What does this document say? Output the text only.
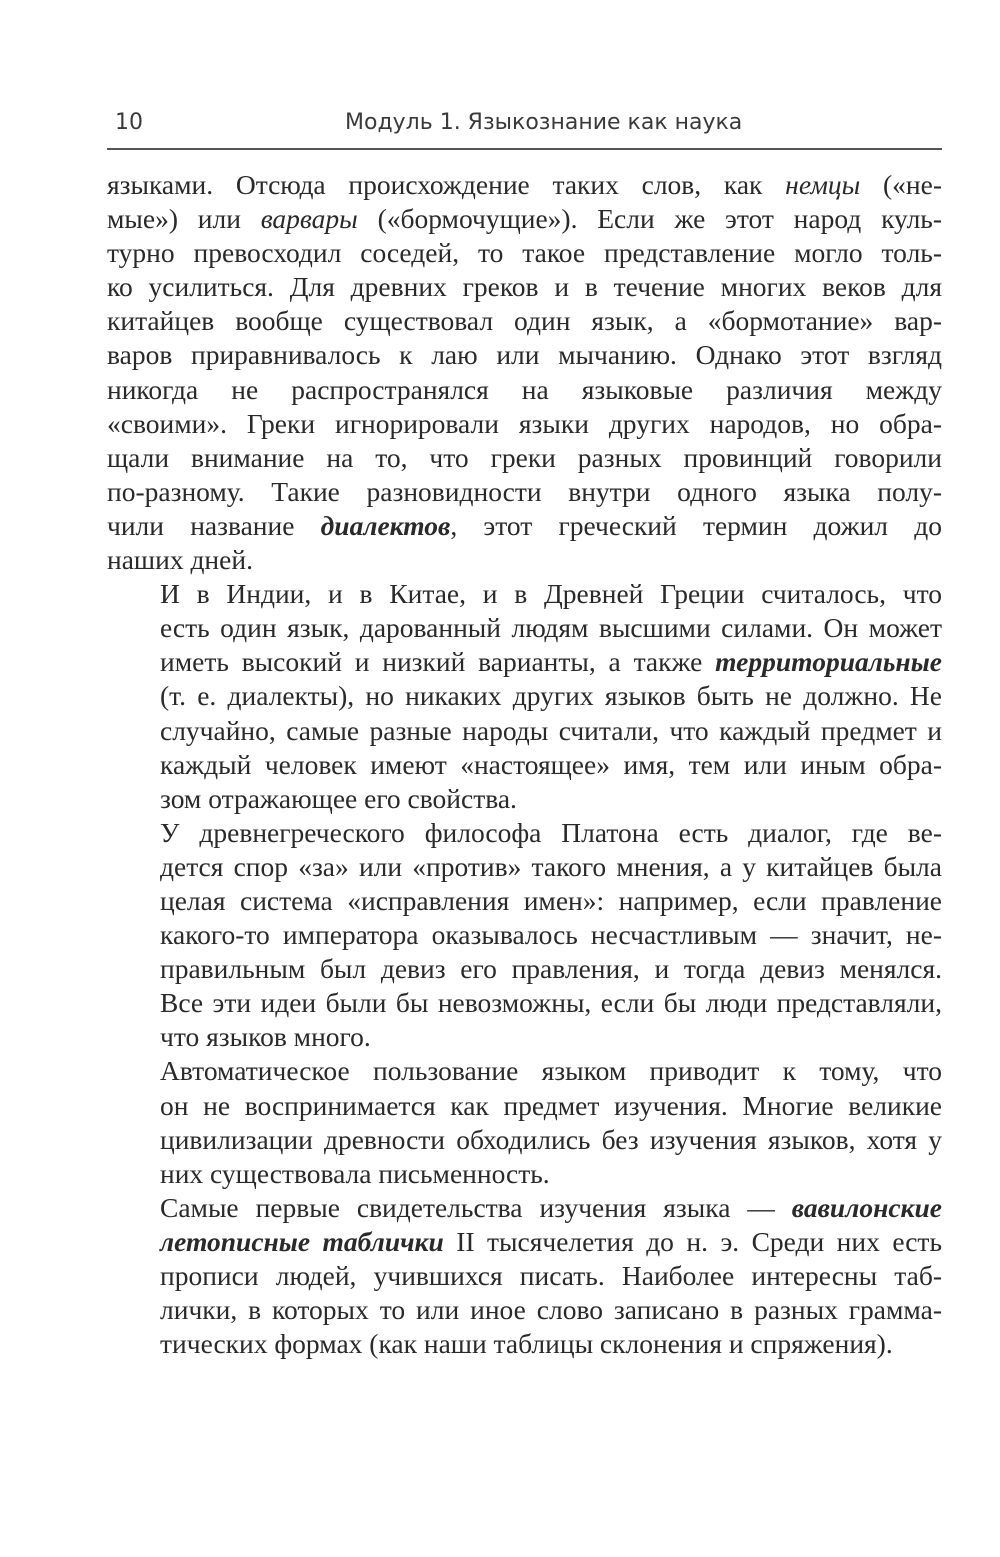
10	Модуль 1. Языкознание как наука
языками. Отсюда происхождение таких слов, как немцы («не-
мые») или варвары («бормочущие»). Если же этот народ куль-
турно превосходил соседей, то такое представление могло толь-
ко усилиться. Для древних греков и в течение многих веков для
китайцев вообще существовал один язык, а «бормотание» вар-
варов приравнивалось к лаю или мычанию. Однако этот взгляд
никогда не распространялся на языковые различия между
«своими». Греки игнорировали языки других народов, но обра-
щали внимание на то, что греки разных провинций говорили
по-разному. Такие разновидности внутри одного языка полу-
чили название диалектов, этот греческий термин дожил до
наших дней.
И в Индии, и в Китае, и в Древней Греции считалось, что
есть один язык, дарованный людям высшими силами. Он может
иметь высокий и низкий варианты, а также территориальные
(т. е. диалекты), но никаких других языков быть не должно. Не
случайно, самые разные народы считали, что каждый предмет и
каждый человек имеют «настоящее» имя, тем или иным обра-
зом отражающее его свойства.
У древнегреческого философа Платона есть диалог, где ве-
дется спор «за» или «против» такого мнения, а у китайцев была
целая система «исправления имен»: например, если правление
какого-то императора оказывалось несчастливым — значит, не-
правильным был девиз его правления, и тогда девиз менялся.
Все эти идеи были бы невозможны, если бы люди представляли,
что языков много.
Автоматическое пользование языком приводит к тому, что
он не воспринимается как предмет изучения. Многие великие
цивилизации древности обходились без изучения языков, хотя у
них существовала письменность.
Самые первые свидетельства изучения языка — вавилонские
летописные таблички II тысячелетия до н. э. Среди них есть
прописи людей, учившихся писать. Наиболее интересны таб-
лички, в которых то или иное слово записано в разных грамма-
тических формах (как наши таблицы склонения и спряжения).
